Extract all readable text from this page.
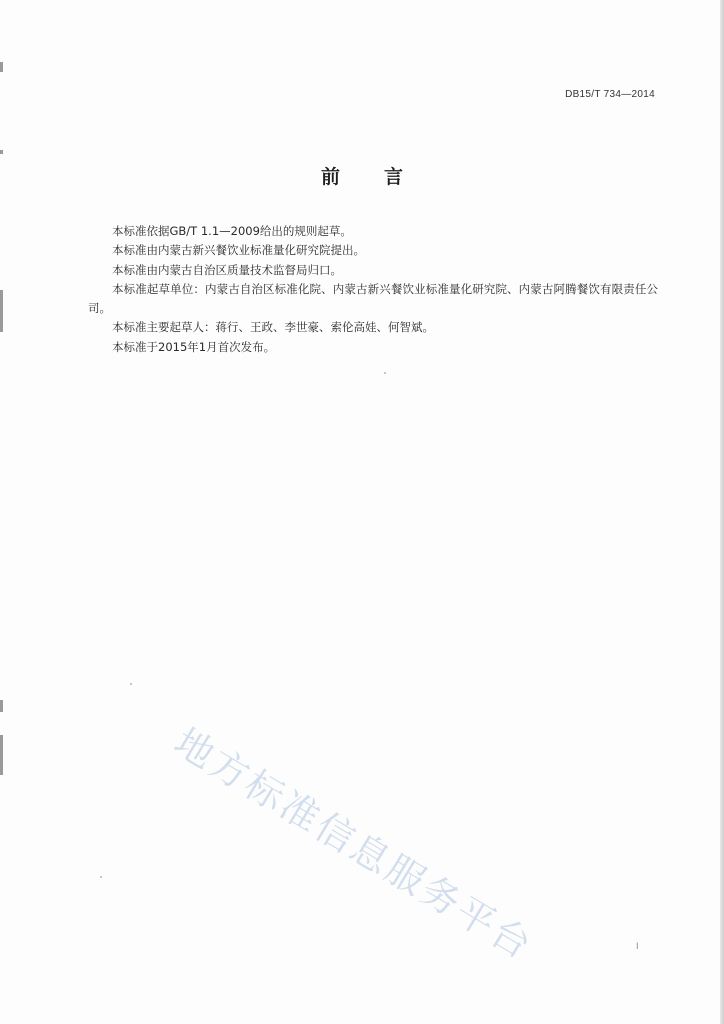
DB15/T 734—2014
前言

本标准依据GB/T 1.1—2009给出的规则起草。

本标准由内蒙古新兴餐饮业标准量化研究院提出。

本标准由内蒙古自治区质量技术监督局归口。

本标准起草单位：内蒙古自治区标准化院、内蒙古新兴餐饮业标准量化研究院、内蒙古阿腾餐饮有限责任公司。

本标准主要起草人：蒋行、王政、李世豪、索伦高娃、何智斌。

本标准于2015年1月首次发布。

地方标准信息服务平台	I
